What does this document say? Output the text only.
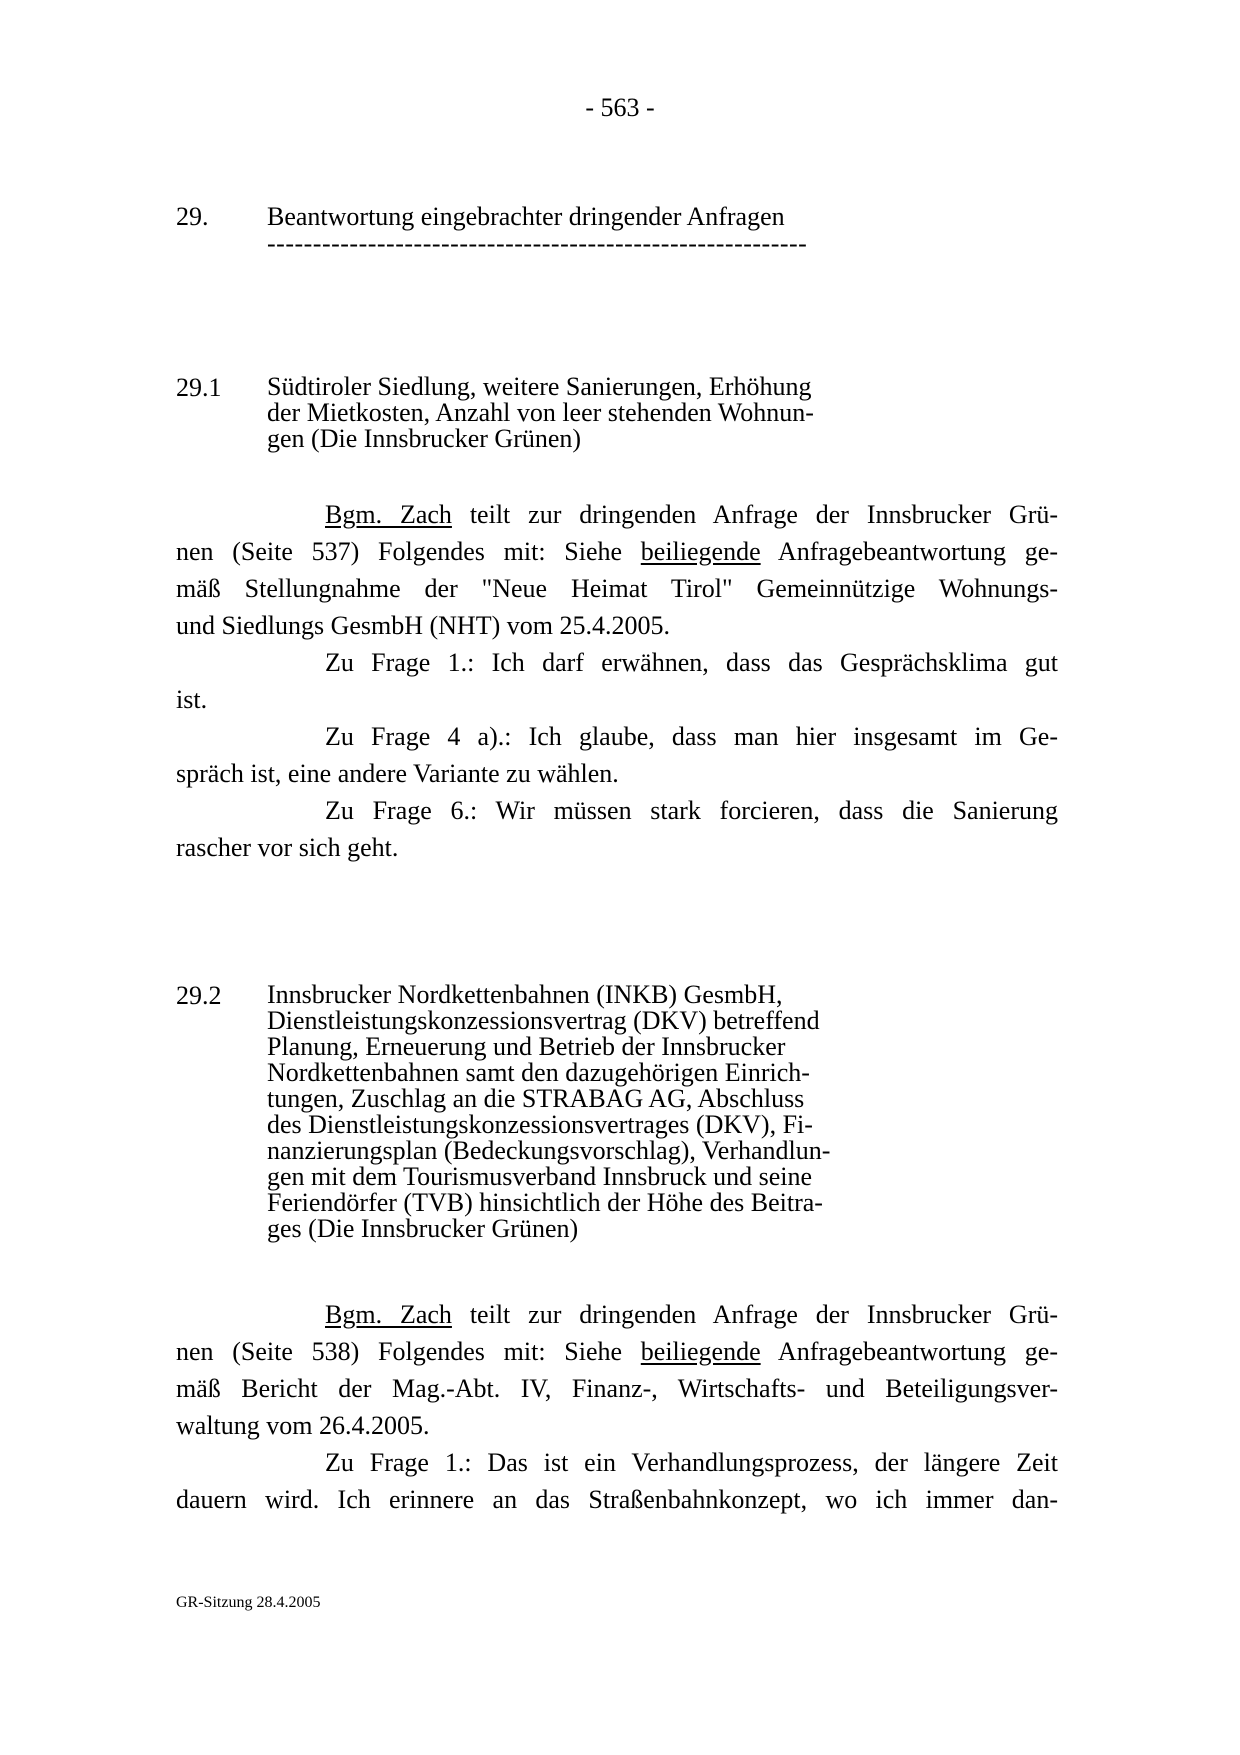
- 563 -
29. Beantwortung eingebrachter dringender Anfragen
-----------------------------------------------------------
29.1 Südtiroler Siedlung, weitere Sanierungen, Erhöhung
der Mietkosten, Anzahl von leer stehenden Wohnun-
gen (Die Innsbrucker Grünen)
Bgm. Zach teilt zur dringenden Anfrage der Innsbrucker Grü-
nen (Seite 537) Folgendes mit: Siehe beiliegende Anfragebeantwortung ge-
mäß Stellungnahme der "Neue Heimat Tirol" Gemeinnützige Wohnungs-
und Siedlungs GesmbH (NHT) vom 25.4.2005.
Zu Frage 1.: Ich darf erwähnen, dass das Gesprächsklima gut
ist.
Zu Frage 4 a).: Ich glaube, dass man hier insgesamt im Ge-
spräch ist, eine andere Variante zu wählen.
Zu Frage 6.: Wir müssen stark forcieren, dass die Sanierung
rascher vor sich geht.
29.2 Innsbrucker Nordkettenbahnen (INKB) GesmbH,
Dienstleistungskonzessionsvertrag (DKV) betreffend
Planung, Erneuerung und Betrieb der Innsbrucker
Nordkettenbahnen samt den dazugehörigen Einrich-
tungen, Zuschlag an die STRABAG AG, Abschluss
des Dienstleistungskonzessionsvertrages (DKV), Fi-
nanzierungsplan (Bedeckungsvorschlag), Verhandlun-
gen mit dem Tourismusverband Innsbruck und seine
Feriendörfer (TVB) hinsichtlich der Höhe des Beitra-
ges (Die Innsbrucker Grünen)
Bgm. Zach teilt zur dringenden Anfrage der Innsbrucker Grü-
nen (Seite 538) Folgendes mit: Siehe beiliegende Anfragebeantwortung ge-
mäß Bericht der Mag.-Abt. IV, Finanz-, Wirtschafts- und Beteiligungsver-
waltung vom 26.4.2005.
Zu Frage 1.: Das ist ein Verhandlungsprozess, der längere Zeit
dauern wird. Ich erinnere an das Straßenbahnkonzept, wo ich immer dan-
GR-Sitzung 28.4.2005
